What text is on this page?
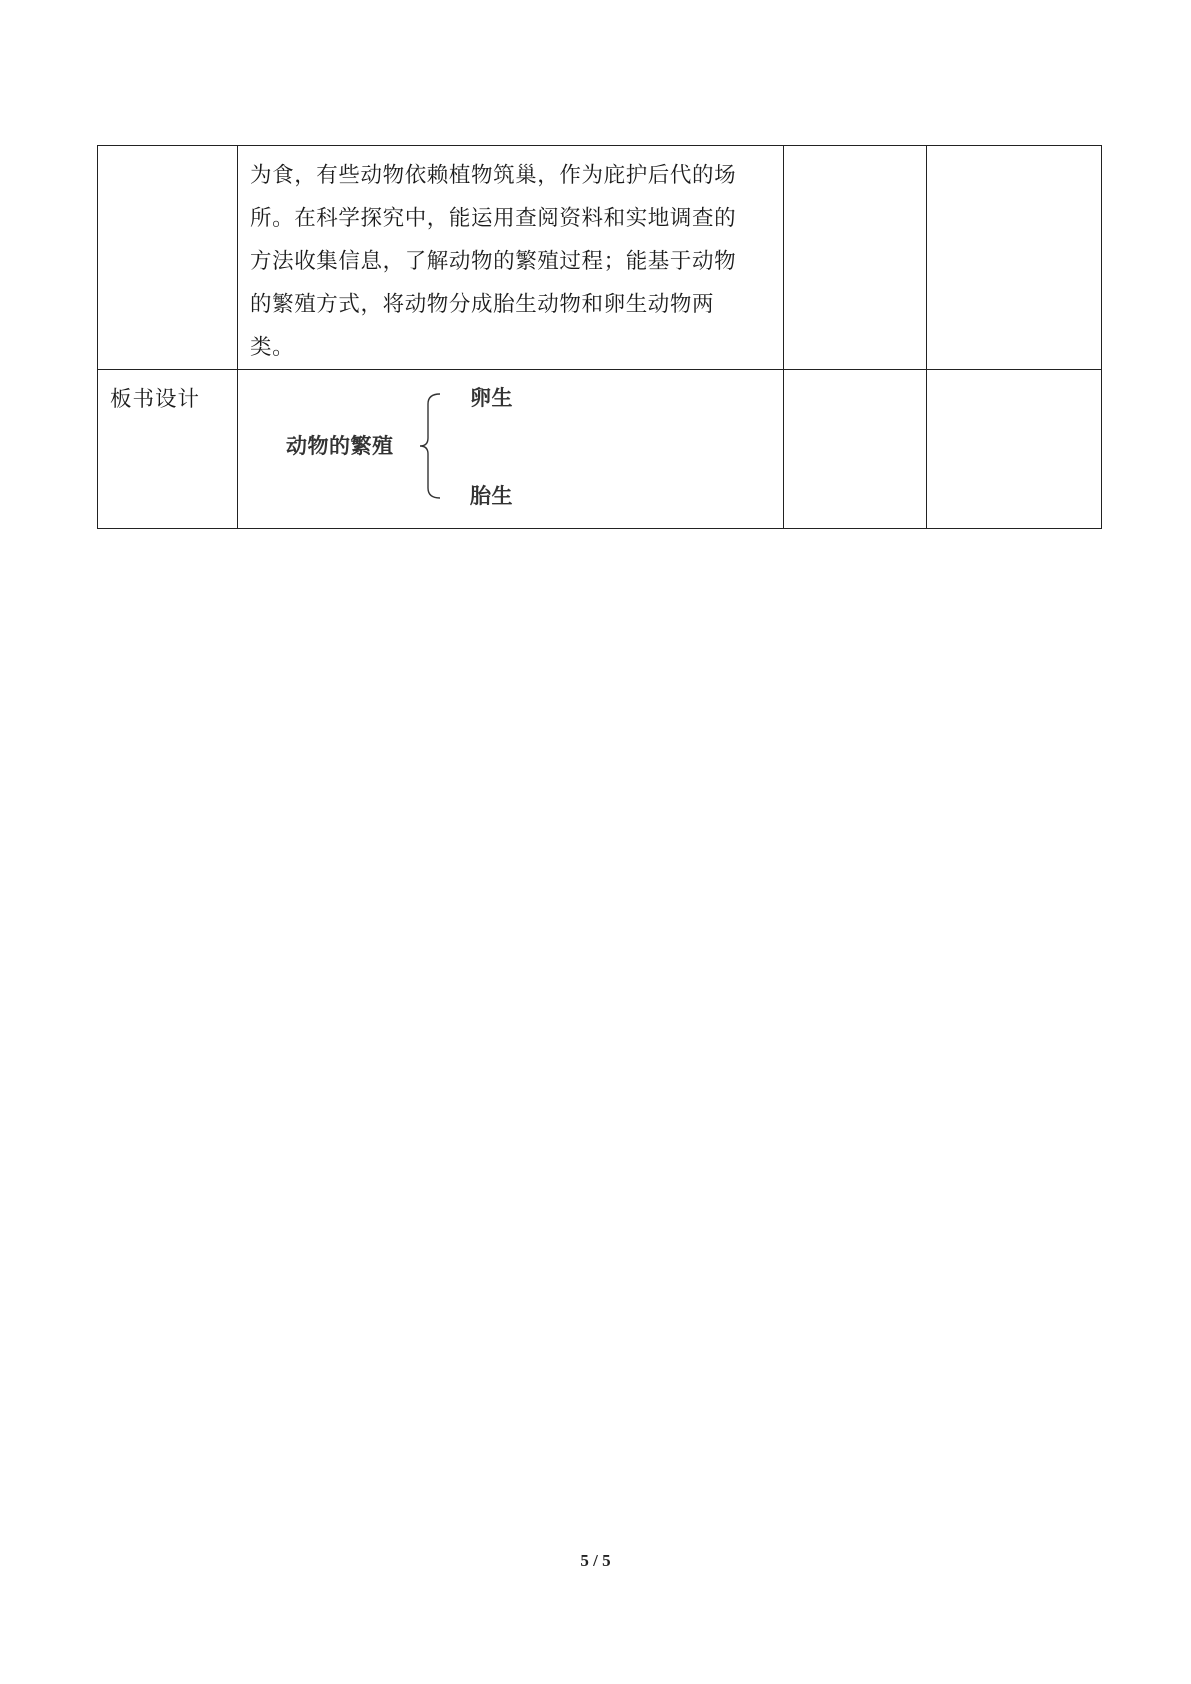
	为食，有些动物依赖植物筑巢，作为庇护后代的场
所。在科学探究中，能运用查阅资料和实地调查的
方法收集信息，了解动物的繁殖过程；能基于动物
的繁殖方式，将动物分成胎生动物和卵生动物两
类。		

板书设计	动物的繁殖
卵生
胎生		

5 / 5
